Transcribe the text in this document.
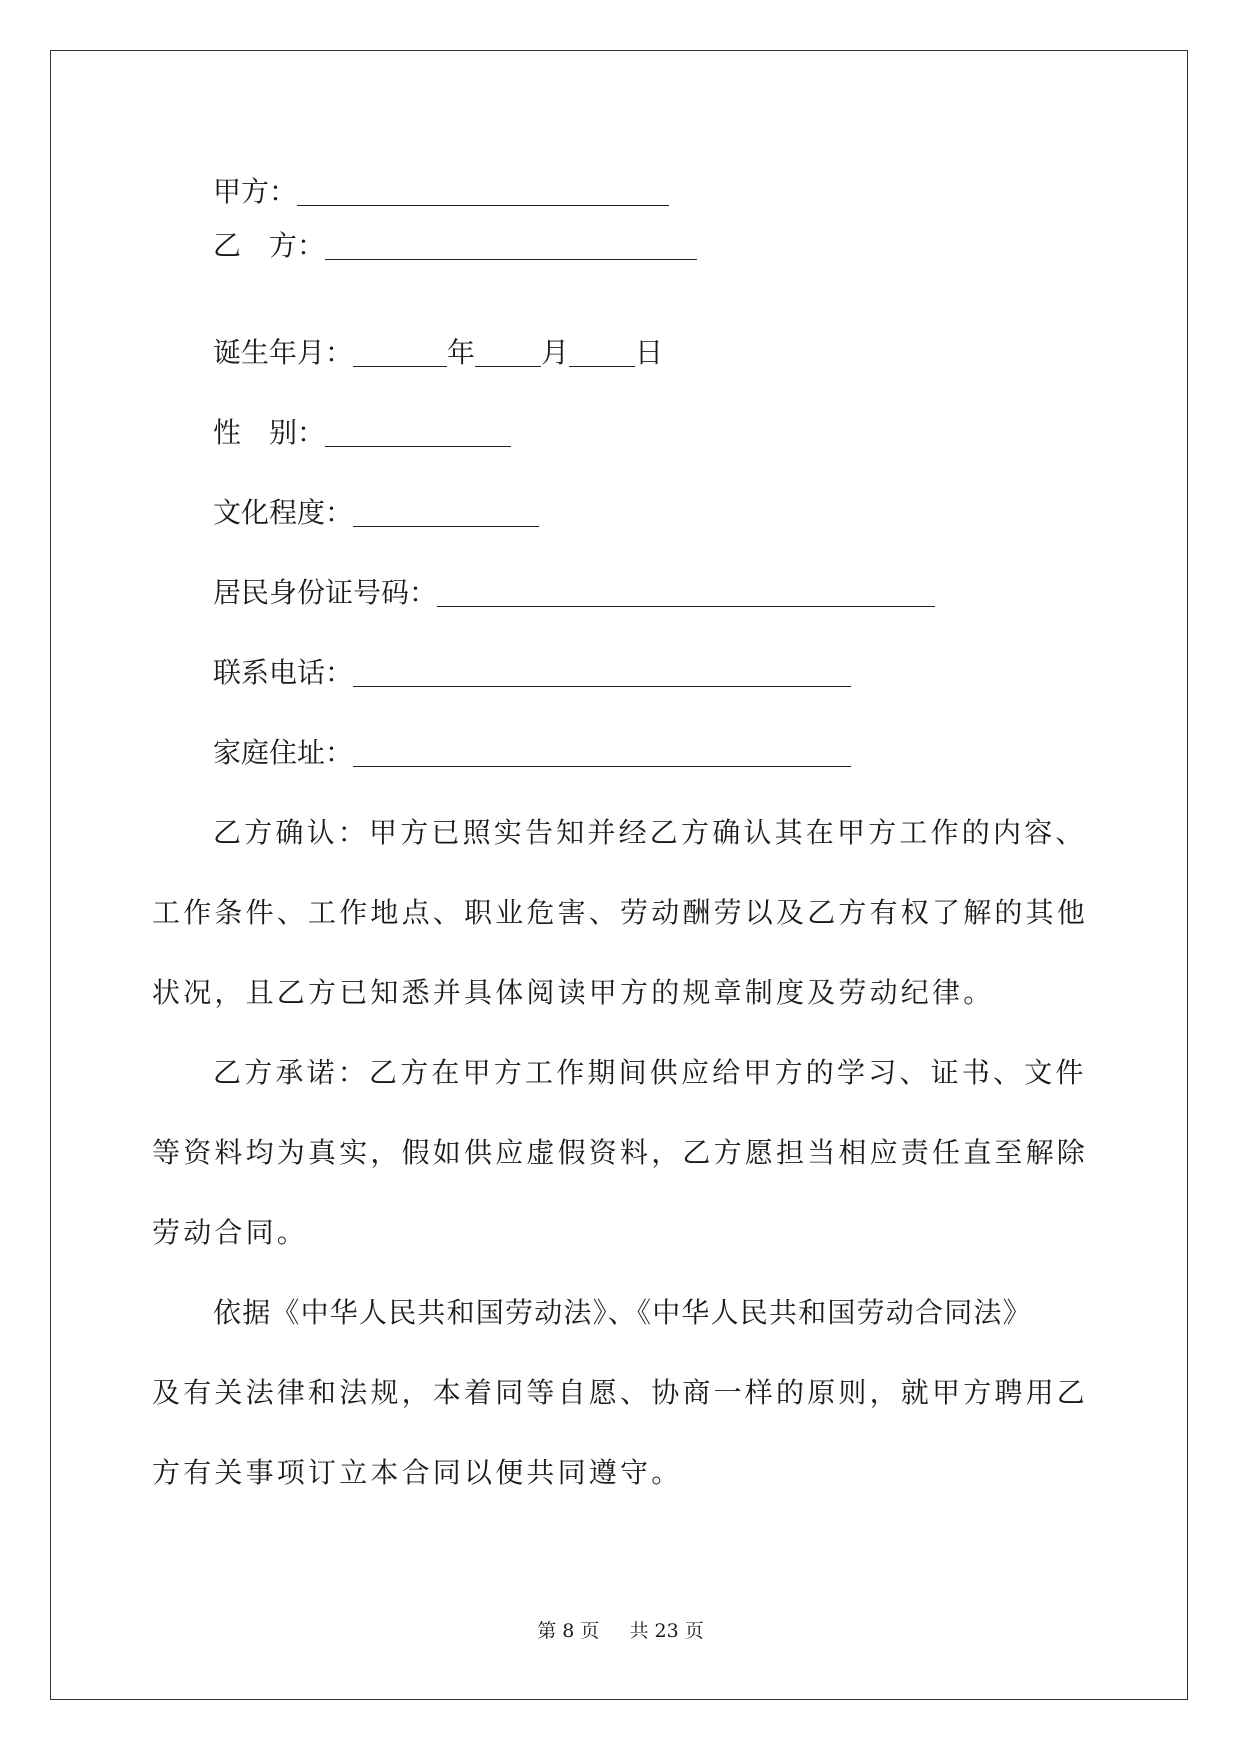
甲方：
乙 方：
诞生年月：	年 月 日
性 别：
文化程度：
居民身份证号码：
联系电话：
家庭住址：
乙方确认：甲方已照实告知并经乙方确认其在甲方工作的内容、
工作条件、工作地点、职业危害、劳动酬劳以及乙方有权了解的其他
状况，且乙方已知悉并具体阅读甲方的规章制度及劳动纪律。
乙方承诺：乙方在甲方工作期间供应给甲方的学习、证书、文件
等资料均为真实，假如供应虚假资料，乙方愿担当相应责任直至解除
劳动合同。
依据《中华人民共和国劳动法》、《中华人民共和国劳动合同法》
及有关法律和法规，本着同等自愿、协商一样的原则，就甲方聘用乙
方有关事项订立本合同以便共同遵守。
第 8 页 共 23 页
